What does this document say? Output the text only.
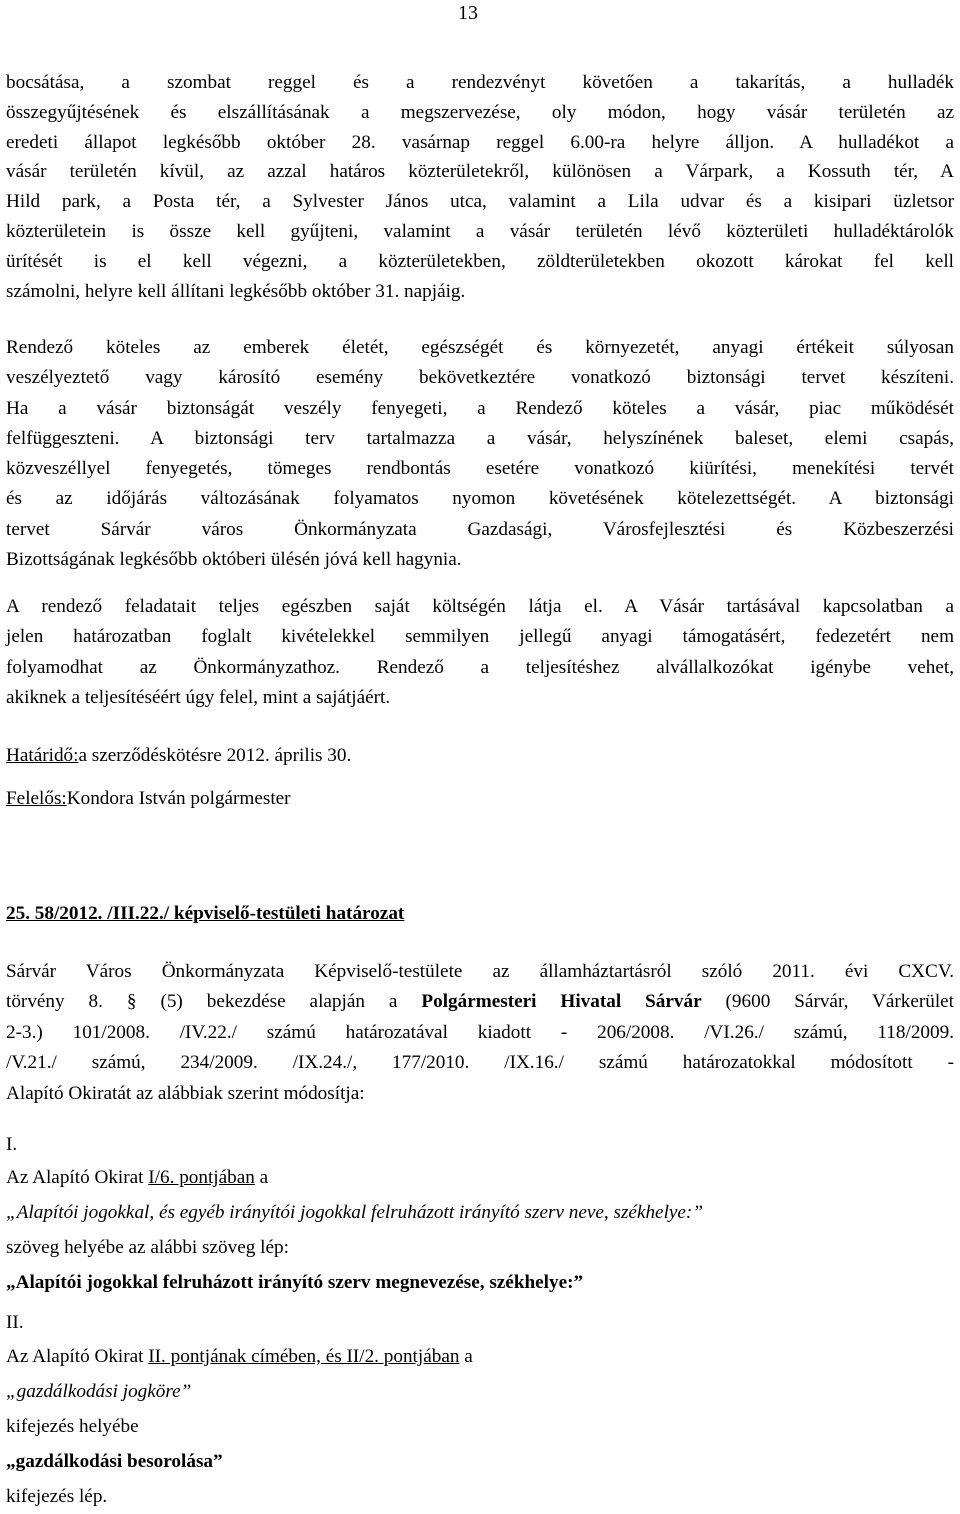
13
bocsátása, a szombat reggel és a rendezvényt követően a takarítás, a hulladék
összegyűjtésének és elszállításának a megszervezése, oly módon, hogy vásár területén az
eredeti állapot legkésőbb október 28. vasárnap reggel 6.00-ra helyre álljon. A hulladékot a
vásár területén kívül, az azzal határos közterületekről, különösen a Várpark, a Kossuth tér, A
Hild park, a Posta tér, a Sylvester János utca, valamint a Lila udvar és a kisipari üzletsor
közterületein is össze kell gyűjteni, valamint a vásár területén lévő közterületi hulladéktárolók
ürítését is el kell végezni, a közterületekben, zöldterületekben okozott károkat fel kell
számolni, helyre kell állítani legkésőbb október 31. napjáig.
Rendező köteles az emberek életét, egészségét és környezetét, anyagi értékeit súlyosan
veszélyeztető vagy károsító esemény bekövetkeztére vonatkozó biztonsági tervet készíteni.
Ha a vásár biztonságát veszély fenyegeti, a Rendező köteles a vásár, piac működését
felfüggeszteni. A biztonsági terv tartalmazza a vásár, helyszínének baleset, elemi csapás,
közveszéllyel fenyegetés, tömeges rendbontás esetére vonatkozó kiürítési, menekítési tervét
és az időjárás változásának folyamatos nyomon követésének kötelezettségét. A biztonsági
tervet Sárvár város Önkormányzata Gazdasági, Városfejlesztési és Közbeszerzési
Bizottságának legkésőbb októberi ülésén jóvá kell hagynia.
A rendező feladatait teljes egészben saját költségén látja el. A Vásár tartásával kapcsolatban a
jelen határozatban foglalt kivételekkel semmilyen jellegű anyagi támogatásért, fedezetért nem
folyamodhat az Önkormányzathoz. Rendező a teljesítéshez alvállalkozókat igénybe vehet,
akiknek a teljesítéséért úgy felel, mint a sajátjáért.
Határidő:a szerződéskötésre 2012. április 30.
Felelős:Kondora István polgármester
25. 58/2012. /III.22./ képviselő-testületi határozat
Sárvár Város Önkormányzata Képviselő-testülete az államháztartásról szóló 2011. évi CXCV.
törvény 8. § (5) bekezdése alapján a Polgármesteri Hivatal Sárvár (9600 Sárvár, Várkerület
2-3.) 101/2008. /IV.22./ számú határozatával kiadott - 206/2008. /VI.26./ számú, 118/2009.
/V.21./ számú, 234/2009. /IX.24./, 177/2010. /IX.16./ számú határozatokkal módosított -
Alapító Okiratát az alábbiak szerint módosítja:
I.
Az Alapító Okirat I/6. pontjában a
„Alapítói jogokkal, és egyéb irányítói jogokkal felruházott irányító szerv neve, székhelye:”
szöveg helyébe az alábbi szöveg lép:
„Alapítói jogokkal felruházott irányító szerv megnevezése, székhelye:”
II.
Az Alapító Okirat II. pontjának címében, és II/2. pontjában a
„gazdálkodási jogköre”
kifejezés helyébe
„gazdálkodási besorolása”
kifejezés lép.
